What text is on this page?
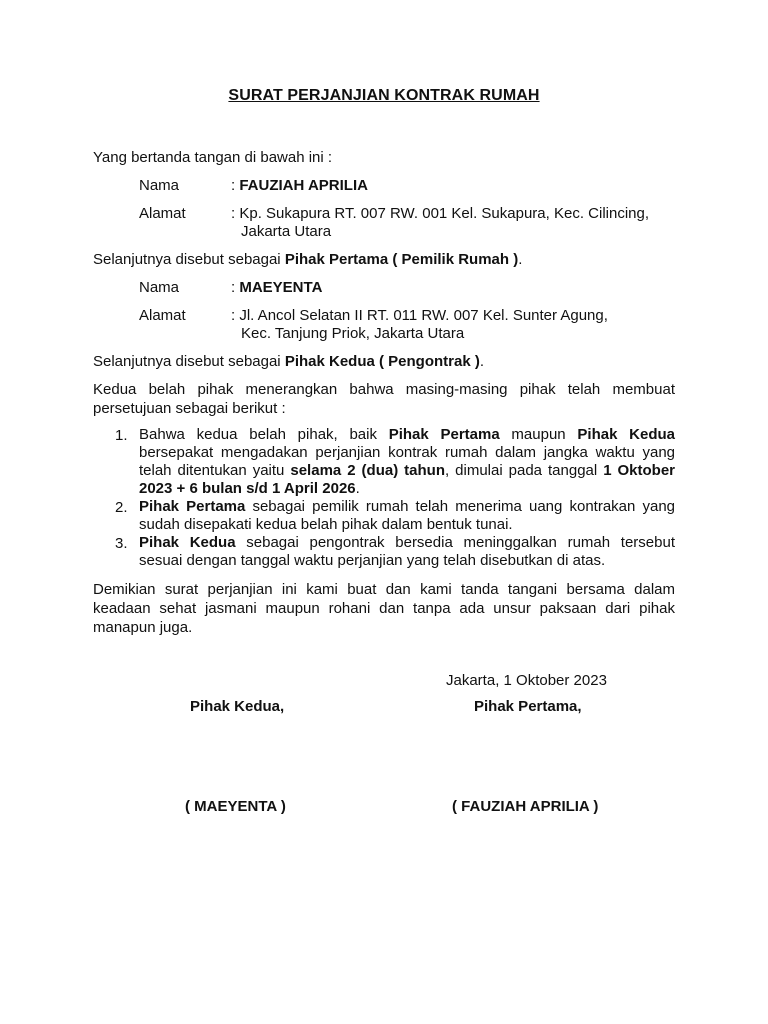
SURAT PERJANJIAN KONTRAK RUMAH
Yang bertanda tangan di bawah ini :
Nama	: FAUZIAH APRILIA
Alamat	: Kp. Sukapura RT. 007 RW. 001 Kel. Sukapura, Kec. Cilincing,
Jakarta Utara
Selanjutnya disebut sebagai Pihak Pertama ( Pemilik Rumah ).
Nama	: MAEYENTA
Alamat	: Jl. Ancol Selatan II RT. 011 RW. 007 Kel. Sunter Agung,
Kec. Tanjung Priok, Jakarta Utara
Selanjutnya disebut sebagai Pihak Kedua ( Pengontrak ).
Kedua belah pihak menerangkan bahwa masing-masing pihak telah membuat
persetujuan sebagai berikut :
1. Bahwa kedua belah pihak, baik Pihak Pertama maupun Pihak Kedua
bersepakat mengadakan perjanjian kontrak rumah dalam jangka waktu yang
telah ditentukan yaitu selama 2 (dua) tahun, dimulai pada tanggal 1 Oktober
2023 + 6 bulan s/d 1 April 2026.
2. Pihak Pertama sebagai pemilik rumah telah menerima uang kontrakan yang
sudah disepakati kedua belah pihak dalam bentuk tunai.
3. Pihak Kedua sebagai pengontrak bersedia meninggalkan rumah tersebut
sesuai dengan tanggal waktu perjanjian yang telah disebutkan di atas.
Demikian surat perjanjian ini kami buat dan kami tanda tangani bersama dalam
keadaan sehat jasmani maupun rohani dan tanpa ada unsur paksaan dari pihak
manapun juga.
Jakarta, 1 Oktober 2023
Pihak Kedua,	Pihak Pertama,
( MAEYENTA )	( FAUZIAH APRILIA )
